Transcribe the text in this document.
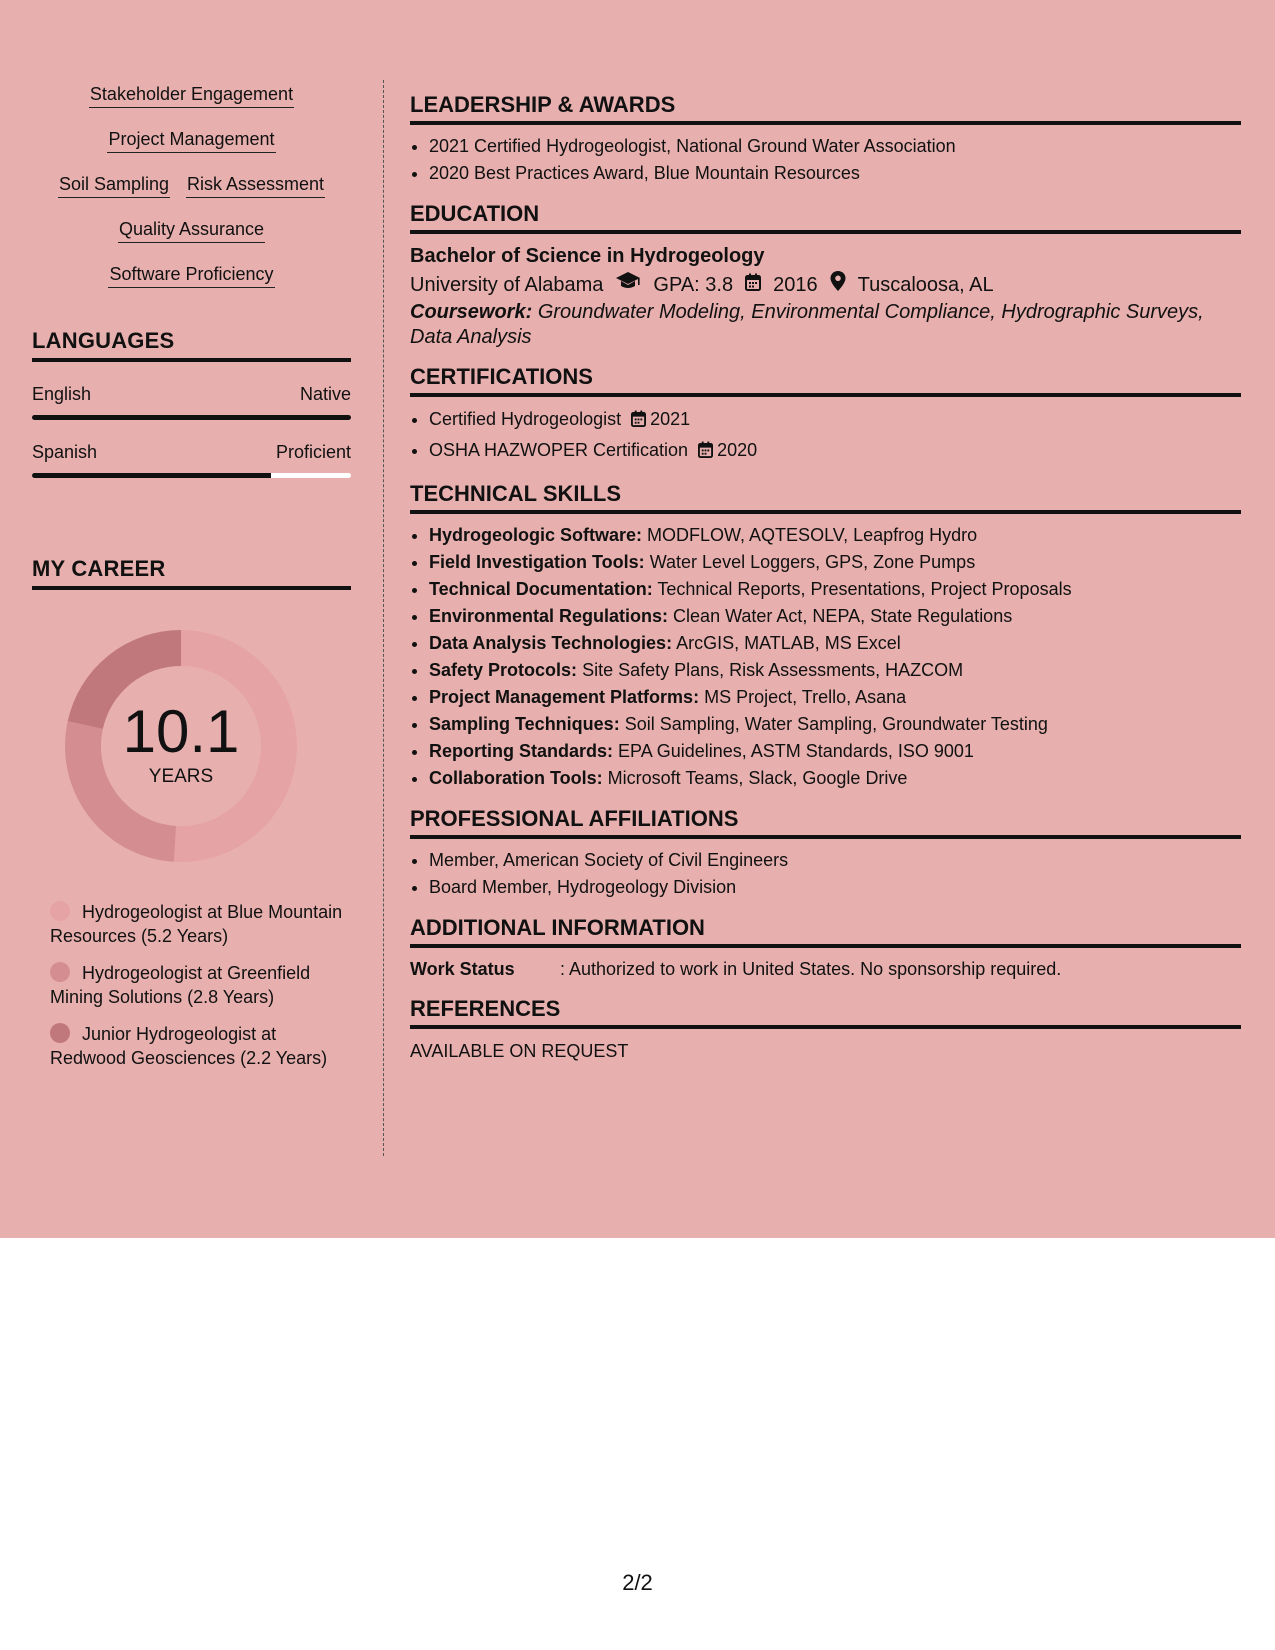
Stakeholder Engagement
Project Management
Soil Sampling Risk Assessment
Quality Assurance
Software Proficiency
LANGUAGES
English	Native
Spanish	Proficient
MY CAREER
10.1
YEARS
Hydrogeologist at Blue Mountain Resources (5.2 Years)
Hydrogeologist at Greenfield Mining Solutions (2.8 Years)
Junior Hydrogeologist at Redwood Geosciences (2.2 Years)
LEADERSHIP & AWARDS
• 2021 Certified Hydrogeologist, National Ground Water Association
• 2020 Best Practices Award, Blue Mountain Resources
EDUCATION
Bachelor of Science in Hydrogeology
University of Alabama	GPA: 3.8 2016 Tuscaloosa, AL
Coursework: Groundwater Modeling, Environmental Compliance, Hydrographic Surveys, Data Analysis
CERTIFICATIONS
• Certified Hydrogeologist 2021
• OSHA HAZWOPER Certification 2020
TECHNICAL SKILLS
• Hydrogeologic Software: MODFLOW, AQTESOLV, Leapfrog Hydro
• Field Investigation Tools: Water Level Loggers, GPS, Zone Pumps
• Technical Documentation: Technical Reports, Presentations, Project Proposals
• Environmental Regulations: Clean Water Act, NEPA, State Regulations
• Data Analysis Technologies: ArcGIS, MATLAB, MS Excel
• Safety Protocols: Site Safety Plans, Risk Assessments, HAZCOM
• Project Management Platforms: MS Project, Trello, Asana
• Sampling Techniques: Soil Sampling, Water Sampling, Groundwater Testing
• Reporting Standards: EPA Guidelines, ASTM Standards, ISO 9001
• Collaboration Tools: Microsoft Teams, Slack, Google Drive
PROFESSIONAL AFFILIATIONS
• Member, American Society of Civil Engineers
• Board Member, Hydrogeology Division
ADDITIONAL INFORMATION
Work Status	: Authorized to work in United States. No sponsorship required.
REFERENCES
AVAILABLE ON REQUEST
2/2
